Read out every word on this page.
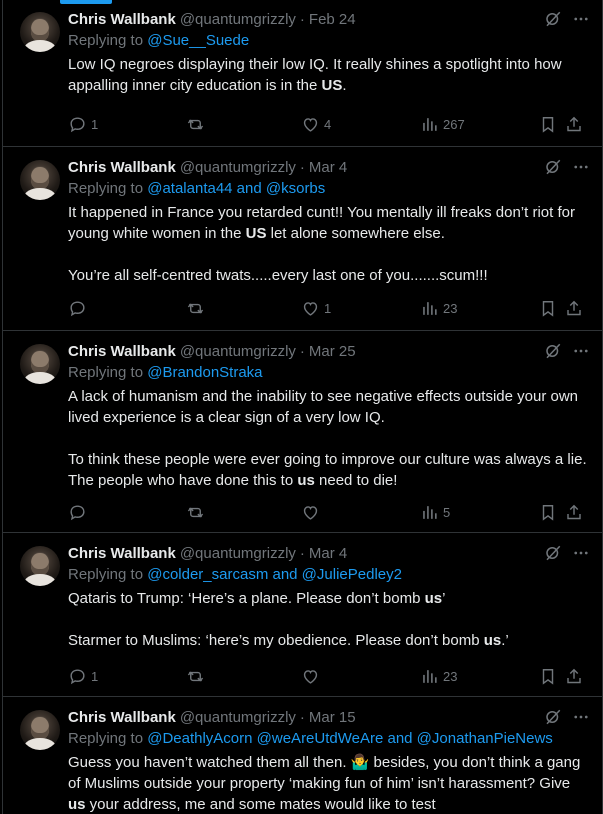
Chris Wallbank @quantumgrizzly · Feb 24
Replying to @Sue__Suede
Low IQ negroes displaying their low IQ. It really shines a spotlight into how appalling inner city education is in the US.
1	4	267
Chris Wallbank @quantumgrizzly · Mar 4
Replying to @atalanta44 and @ksorbs
It happened in France you retarded cunt!! You mentally ill freaks don’t riot for young white women in the US let alone somewhere else.

You’re all self-centred twats.....every last one of you.......scum!!!
1	23
Chris Wallbank @quantumgrizzly · Mar 25
Replying to @BrandonStraka
A lack of humanism and the inability to see negative effects outside your own lived experience is a clear sign of a very low IQ.

To think these people were ever going to improve our culture was always a lie. The people who have done this to us need to die!
5
Chris Wallbank @quantumgrizzly · Mar 4
Replying to @colder_sarcasm and @JuliePedley2
Qataris to Trump: ‘Here’s a plane. Please don’t bomb us’

Starmer to Muslims: ‘here’s my obedience. Please don’t bomb us.’
1	23
Chris Wallbank @quantumgrizzly · Mar 15
Replying to @DeathlyAcorn @weAreUtdWeAre and @JonathanPieNews
Guess you haven’t watched them all then. 🤷‍♂️ besides, you don’t think a gang of Muslims outside your property ‘making fun of him’ isn’t harassment? Give us your address, me and some mates would like to test
